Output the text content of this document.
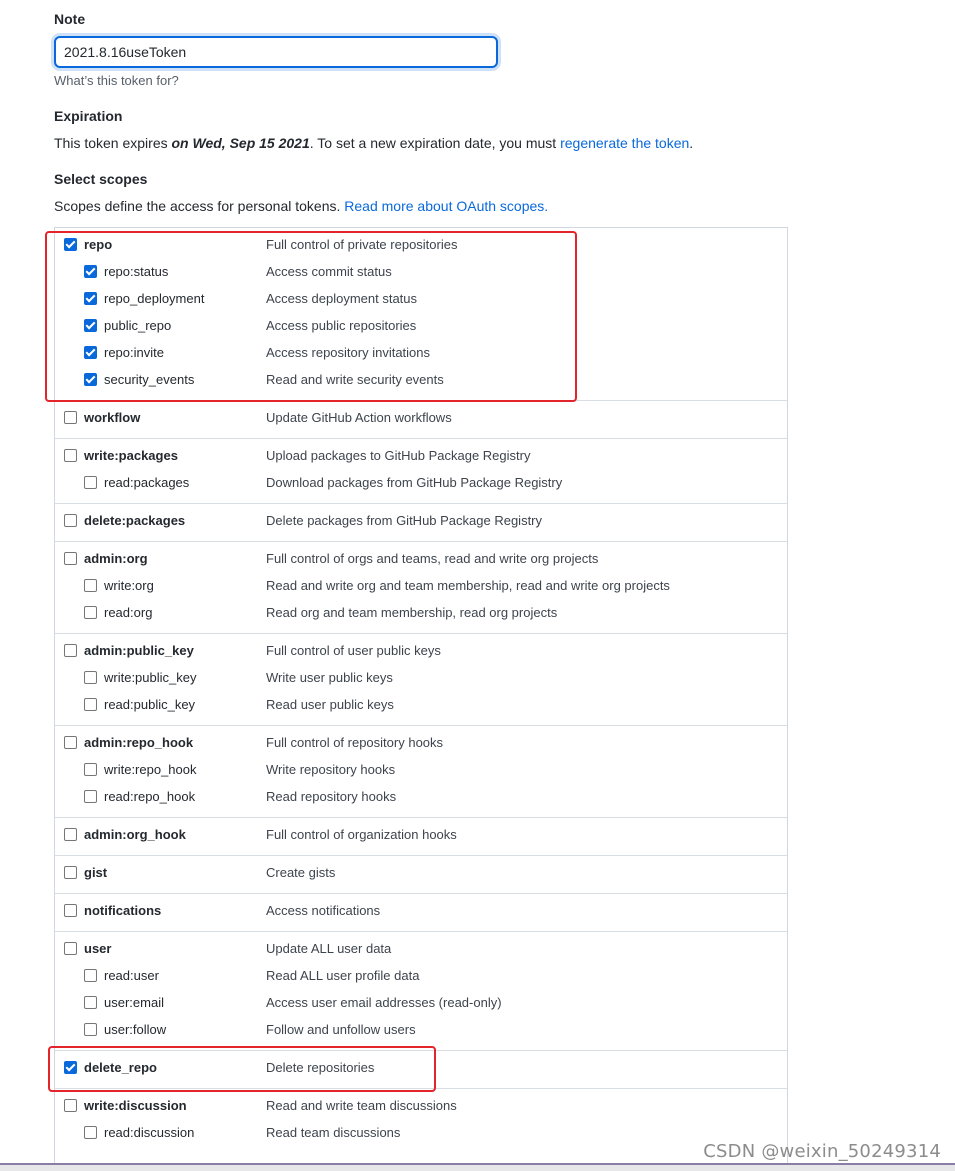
Note
2021.8.16useToken
What’s this token for?
Expiration
This token expires on Wed, Sep 15 2021. To set a new expiration date, you must regenerate the token.
Select scopes
Scopes define the access for personal tokens. Read more about OAuth scopes.
repo	Full control of private repositories
repo:status	Access commit status
repo_deployment	Access deployment status
public_repo	Access public repositories
repo:invite	Access repository invitations
security_events	Read and write security events
workflow	Update GitHub Action workflows
write:packages	Upload packages to GitHub Package Registry
read:packages	Download packages from GitHub Package Registry
delete:packages	Delete packages from GitHub Package Registry
admin:org	Full control of orgs and teams, read and write org projects
write:org	Read and write org and team membership, read and write org projects
read:org	Read org and team membership, read org projects
admin:public_key	Full control of user public keys
write:public_key	Write user public keys
read:public_key	Read user public keys
admin:repo_hook	Full control of repository hooks
write:repo_hook	Write repository hooks
read:repo_hook	Read repository hooks
admin:org_hook	Full control of organization hooks
gist	Create gists
notifications	Access notifications
user	Update ALL user data
read:user	Read ALL user profile data
user:email	Access user email addresses (read-only)
user:follow	Follow and unfollow users
delete_repo	Delete repositories
write:discussion	Read and write team discussions
read:discussion	Read team discussions
CSDN @weixin_50249314
